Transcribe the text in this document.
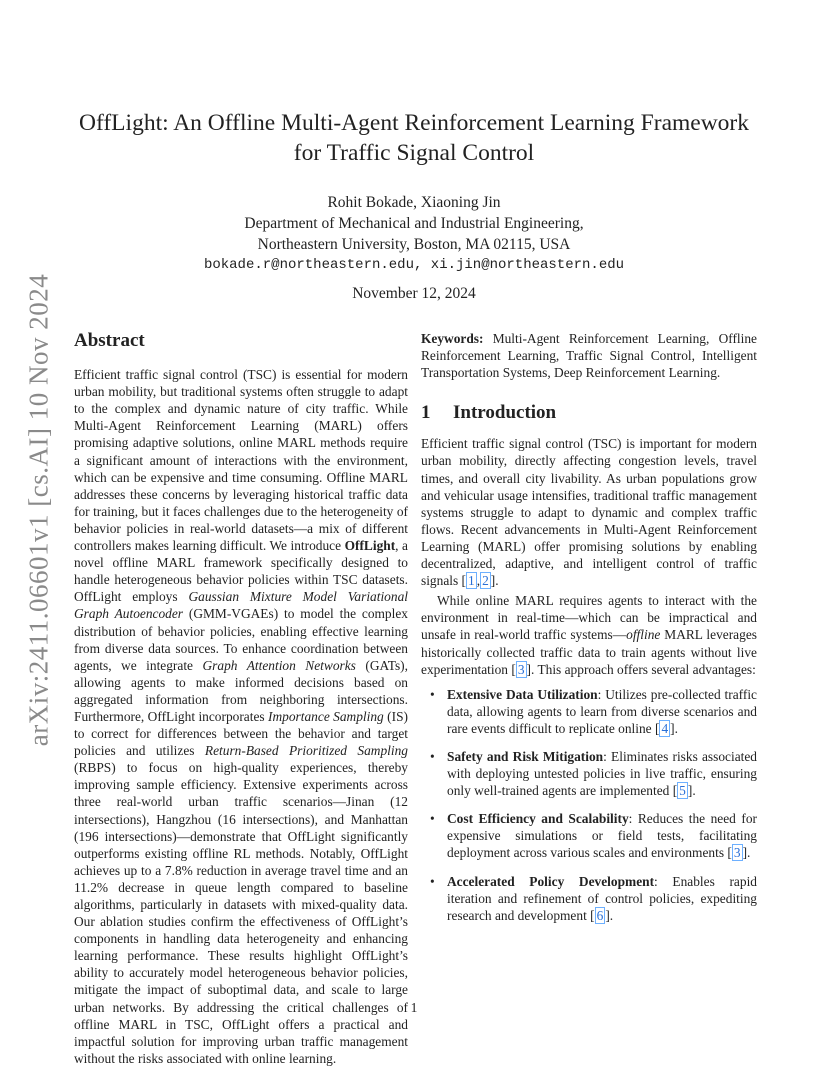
arXiv:2411.06601v1 [cs.AI] 10 Nov 2024
OffLight: An Offline Multi-Agent Reinforcement Learning Framework
for Traffic Signal Control
Rohit Bokade, Xiaoning Jin
Department of Mechanical and Industrial Engineering,
Northeastern University, Boston, MA 02115, USA
bokade.r@northeastern.edu, xi.jin@northeastern.edu
November 12, 2024
Abstract

Efficient traffic signal control (TSC) is essential for modern urban mobility, but traditional systems often struggle to adapt to the complex and dynamic nature of city traffic. While Multi-Agent Reinforcement Learning (MARL) offers promising adaptive solutions, online MARL methods require a significant amount of interactions with the environment, which can be expensive and time consuming. Offline MARL addresses these concerns by leveraging historical traffic data for training, but it faces challenges due to the heterogeneity of behavior policies in real-world datasets—a mix of different controllers makes learning difficult. We introduce OffLight, a novel offline MARL framework specifically designed to handle heterogeneous behavior policies within TSC datasets. OffLight employs Gaussian Mixture Model Variational Graph Autoencoder (GMM-VGAEs) to model the complex distribution of behavior policies, enabling effective learning from diverse data sources. To enhance coordination between agents, we integrate Graph Attention Networks (GATs), allowing agents to make informed decisions based on aggregated information from neighboring intersections. Furthermore, OffLight incorporates Importance Sampling (IS) to correct for differences between the behavior and target policies and utilizes Return-Based Prioritized Sampling (RBPS) to focus on high-quality experiences, thereby improving sample efficiency. Extensive experiments across three real-world urban traffic scenarios—Jinan (12 intersections), Hangzhou (16 intersections), and Manhattan (196 intersections)—demonstrate that OffLight significantly outperforms existing offline RL methods. Notably, OffLight achieves up to a 7.8% reduction in average travel time and an 11.2% decrease in queue length compared to baseline algorithms, particularly in datasets with mixed-quality data. Our ablation studies confirm the effectiveness of OffLight’s components in handling data heterogeneity and enhancing learning performance. These results highlight OffLight’s ability to accurately model heterogeneous behavior policies, mitigate the impact of suboptimal data, and scale to large urban networks. By addressing the critical challenges of offline MARL in TSC, OffLight offers a practical and impactful solution for improving urban traffic management without the risks associated with online learning.

Keywords: Multi-Agent Reinforcement Learning, Offline Reinforcement Learning, Traffic Signal Control, Intelligent Transportation Systems, Deep Reinforcement Learning.

1 Introduction

Efficient traffic signal control (TSC) is important for modern urban mobility, directly affecting congestion levels, travel times, and overall city livability. As urban populations grow and vehicular usage intensifies, traditional traffic management systems struggle to adapt to dynamic and complex traffic flows. Recent advancements in Multi-Agent Reinforcement Learning (MARL) offer promising solutions by enabling decentralized, adaptive, and intelligent control of traffic signals [ 1 , 2 ].

While online MARL requires agents to interact with the environment in real-time—which can be impractical and unsafe in real-world traffic systems—offline MARL leverages historically collected traffic data to train agents without live experimentation [ 3 ]. This approach offers several advantages:

• Extensive Data Utilization: Utilizes pre-collected traffic data, allowing agents to learn from diverse scenarios and rare events difficult to replicate online [ 4 ].
• Safety and Risk Mitigation: Eliminates risks associated with deploying untested policies in live traffic, ensuring only well-trained agents are implemented [ 5 ].
• Cost Efficiency and Scalability: Reduces the need for expensive simulations or field tests, facilitating deployment across various scales and environments [ 3 ].
• Accelerated Policy Development: Enables rapid iteration and refinement of control policies, expediting research and development [ 6 ].
1
